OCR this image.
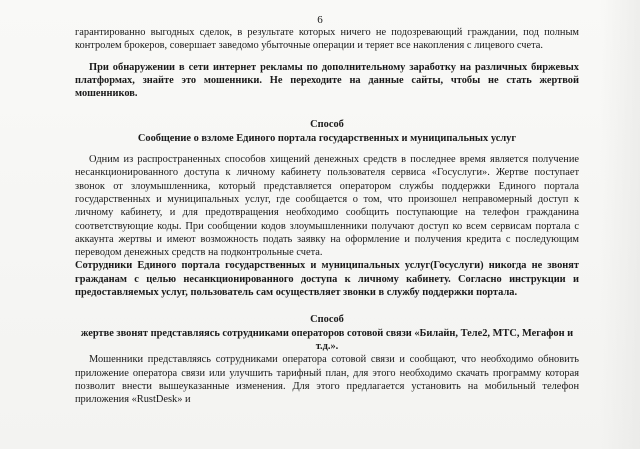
6

гарантированно выгодных сделок, в результате которых ничего не подозревающий граждании, под полным контролем брокеров, совершает заведомо убыточные операции и теряет все накопления с лицевого счета.

При обнаружении в сети интернет рекламы по дополнительному заработку на различных биржевых платформах, знайте это мошенники. Не переходите на данные сайты, чтобы не стать жертвой мошенников.

Способ

Сообщение о взломе Единого портала государственных и муниципальных услуг

Одним из распространенных способов хищений денежных средств в последнее время является получение несанкционированного доступа к личному кабинету пользователя сервиса «Госуслуги». Жертве поступает звонок от злоумышленника, который представляется оператором службы поддержки Единого портала государственных и муниципальных услуг, где сообщается о том, что произошел неправомерный доступ к личному кабинету, и для предотвращения необходимо сообщить поступающие на телефон гражданина соответствующие коды. При сообщении кодов злоумышленники получают доступ ко всем сервисам портала с аккаунта жертвы и имеют возможность подать заявку на оформление и получения кредита с последующим переводом денежных средств на подконтрольные счета.

Сотрудники Единого портала государственных и муниципальных услуг(Госуслуги) никогда не звонят гражданам с целью несанкционированного доступа к личному кабинету. Согласно инструкции и предоставляемых услуг, пользователь сам осуществляет звонки в службу поддержки портала.

Способ

жертве звонят представляясь сотрудниками операторов сотовой связи «Билайн, Теле2, МТС, Мегафон и т.д.».

Мошенники представляясь сотрудниками оператора сотовой связи и сообщают, что необходимо обновить приложение оператора связи или улучшить тарифный план, для этого необходимо скачать программу которая позволит внести вышеуказанные изменения. Для этого предлагается установить на мобильный телефон приложения «RustDesk» и
